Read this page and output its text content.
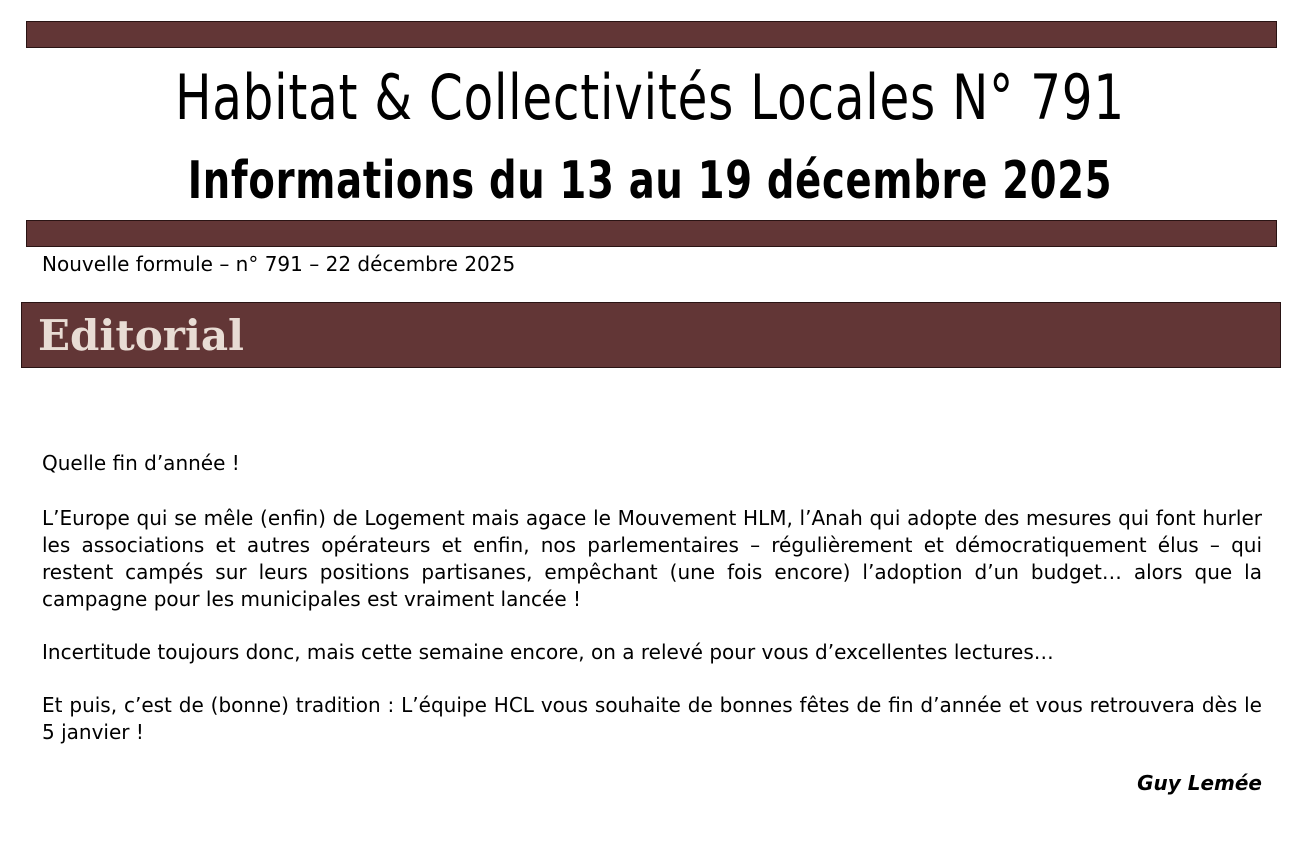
Habitat & Collectivités Locales N° 791
Informations du 13 au 19 décembre 2025
Nouvelle formule – n° 791 – 22 décembre 2025
Editorial

Quelle fin d’année !

L’Europe qui se mêle (enfin) de Logement mais agace le Mouvement HLM, l’Anah qui adopte des mesures qui font hurler les associations et autres opérateurs et enfin, nos parlementaires – régulièrement et démocratiquement élus – qui restent campés sur leurs positions partisanes, empêchant (une fois encore) l’adoption d’un budget… alors que la campagne pour les municipales est vraiment lancée !

Incertitude toujours donc, mais cette semaine encore, on a relevé pour vous d’excellentes lectures…

Et puis, c’est de (bonne) tradition : L’équipe HCL vous souhaite de bonnes fêtes de fin d’année et vous retrouvera dès le 5 janvier !

Guy Lemée
